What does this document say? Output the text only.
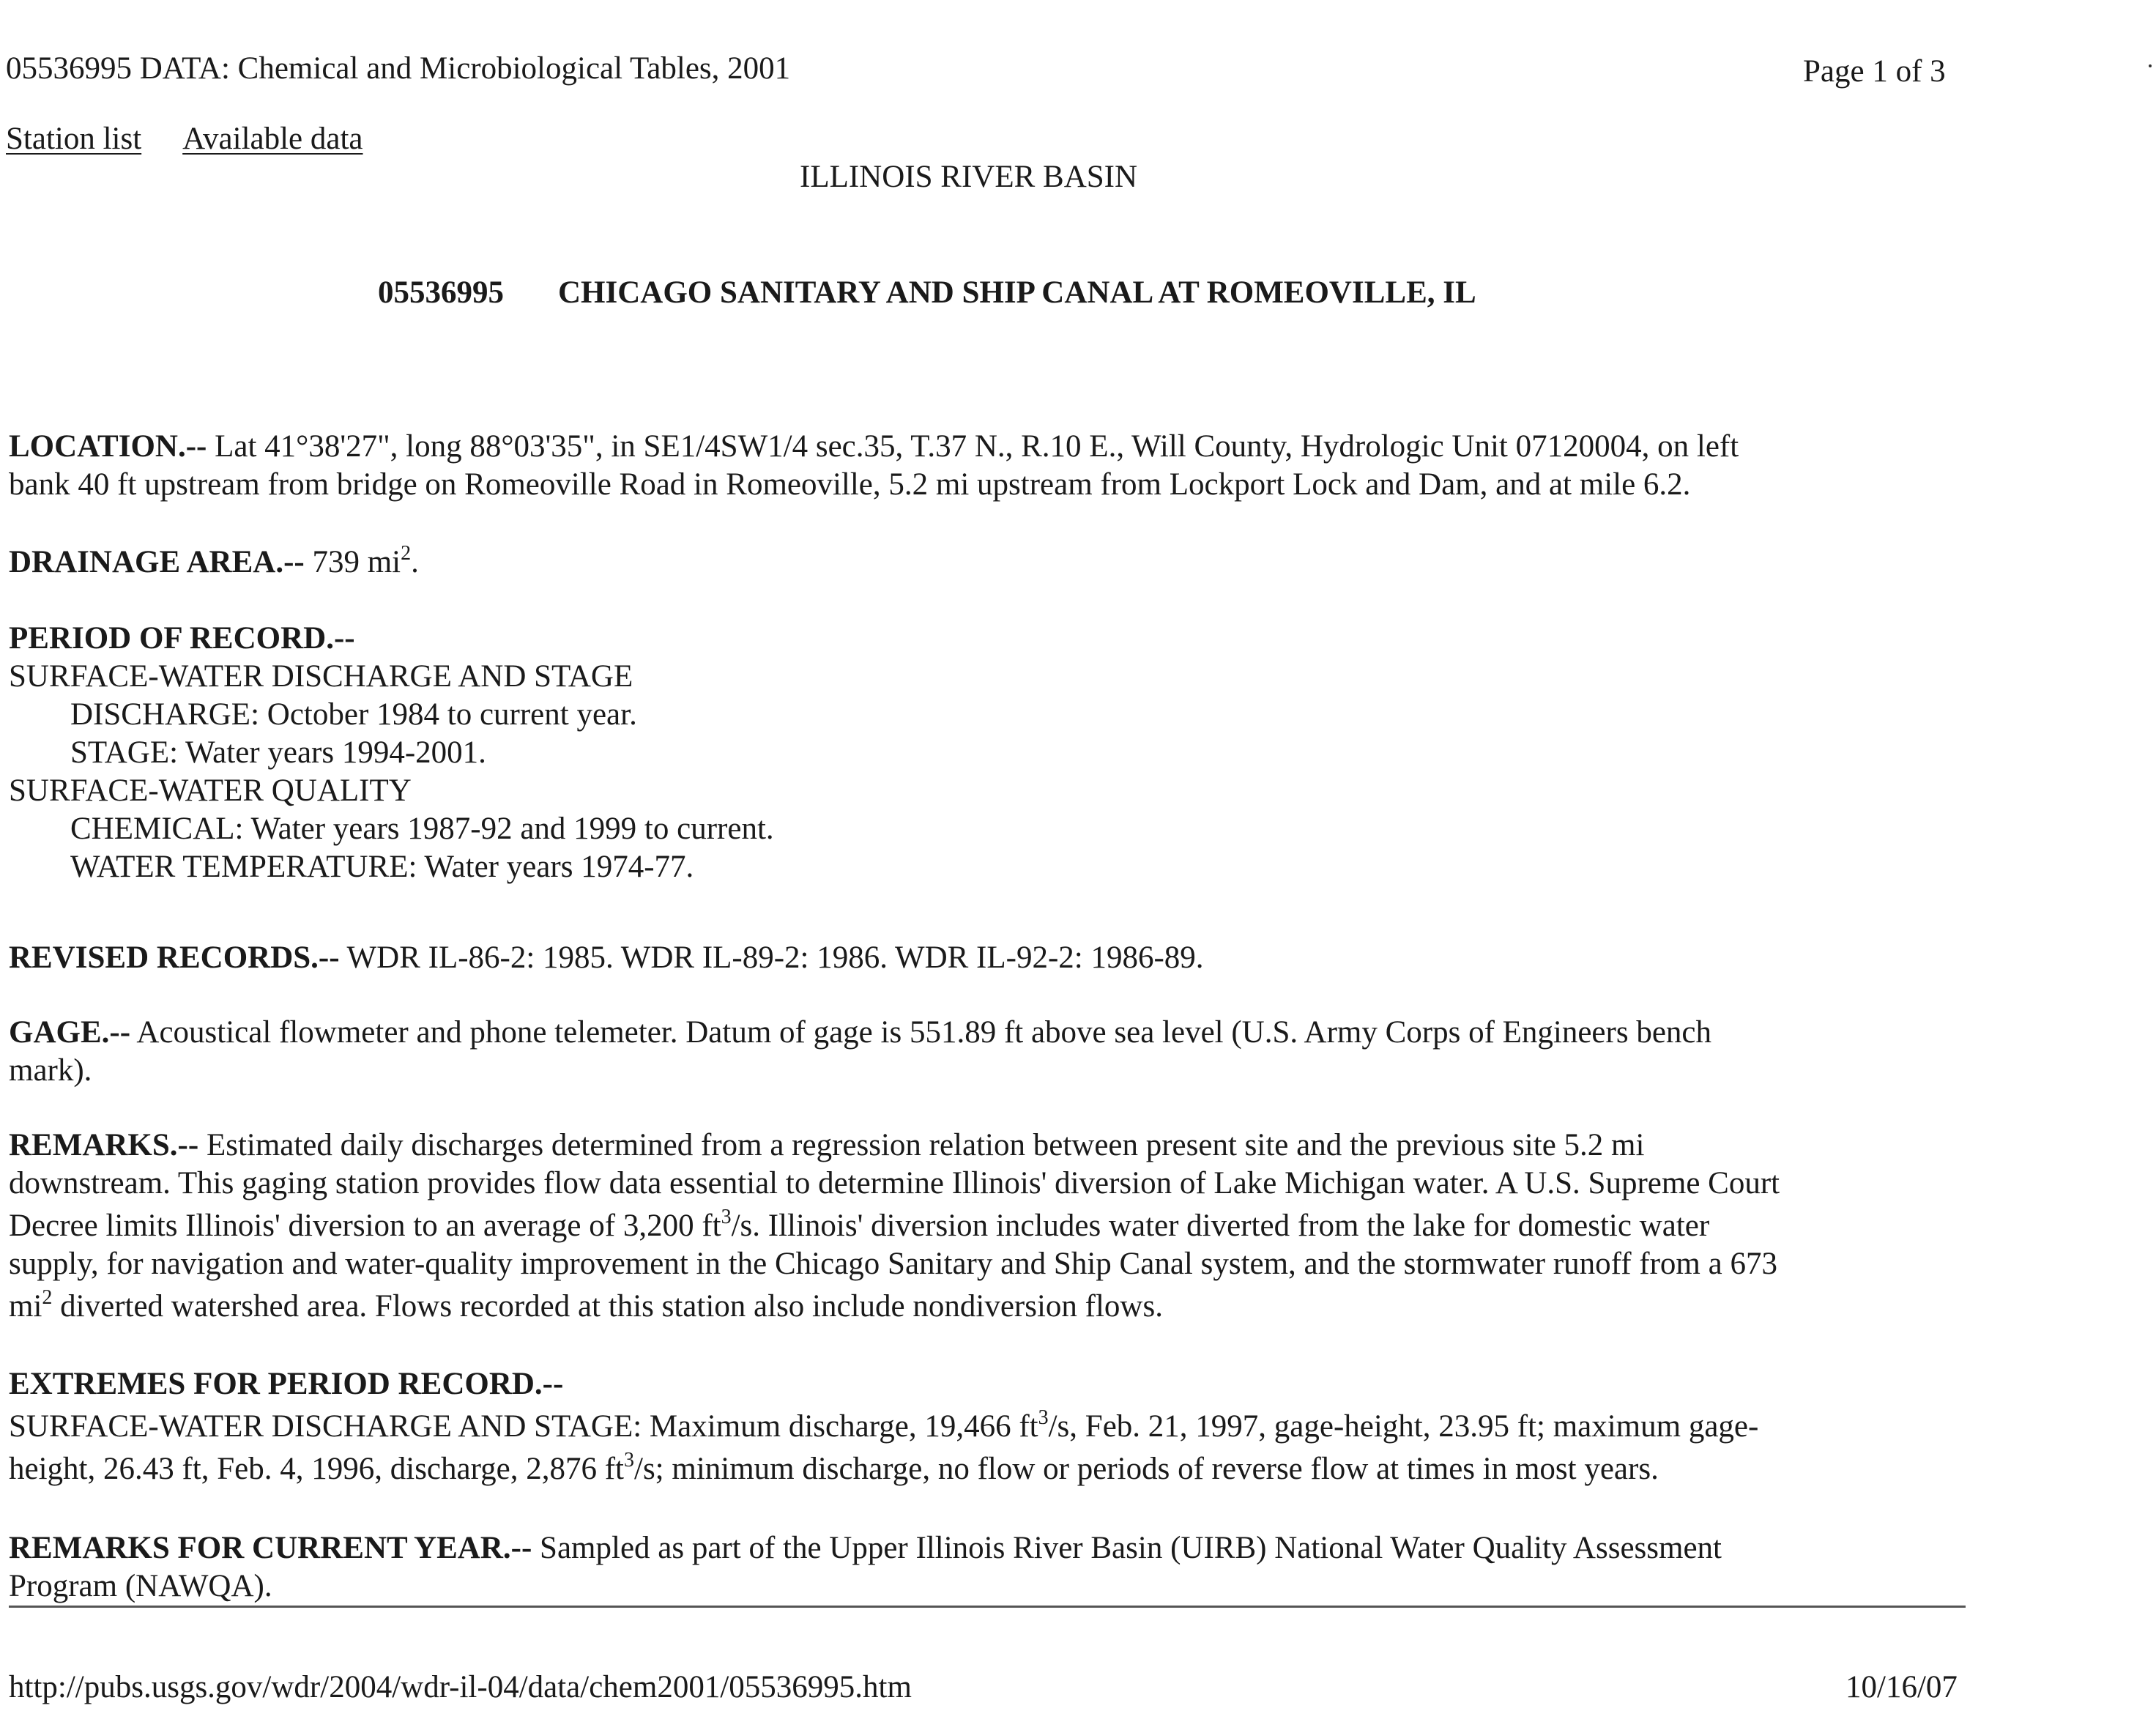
05536995 DATA: Chemical and Microbiological Tables, 2001	Page 1 of 3
Station list Available data
ILLINOIS RIVER BASIN
05536995 CHICAGO SANITARY AND SHIP CANAL AT ROMEOVILLE, IL
LOCATION.-- Lat 41°38'27", long 88°03'35", in SE1/4SW1/4 sec.35, T.37 N., R.10 E., Will County, Hydrologic Unit 07120004, on left
bank 40 ft upstream from bridge on Romeoville Road in Romeoville, 5.2 mi upstream from Lockport Lock and Dam, and at mile 6.2.
DRAINAGE AREA.-- 739 $mi^2$.
PERIOD OF RECORD.--
SURFACE-WATER DISCHARGE AND STAGE
DISCHARGE: October 1984 to current year.
STAGE: Water years 1994-2001.
SURFACE-WATER QUALITY
CHEMICAL: Water years 1987-92 and 1999 to current.
WATER TEMPERATURE: Water years 1974-77.
REVISED RECORDS.-- WDR IL-86-2: 1985. WDR IL-89-2: 1986. WDR IL-92-2: 1986-89.
GAGE.-- Acoustical flowmeter and phone telemeter. Datum of gage is 551.89 ft above sea level (U.S. Army Corps of Engineers bench
mark).
REMARKS.-- Estimated daily discharges determined from a regression relation between present site and the previous site 5.2 mi
downstream. This gaging station provides flow data essential to determine Illinois' diversion of Lake Michigan water. A U.S. Supreme Court
Decree limits Illinois' diversion to an average of 3,200 $ft^3/s$. Illinois' diversion includes water diverted from the lake for domestic water
supply, for navigation and water-quality improvement in the Chicago Sanitary and Ship Canal system, and the stormwater runoff from a 673
$mi^2$ diverted watershed area. Flows recorded at this station also include nondiversion flows.
EXTREMES FOR PERIOD RECORD.--
SURFACE-WATER DISCHARGE AND STAGE: Maximum discharge, 19,466 $ft^3/s$, Feb. 21, 1997, gage-height, 23.95 ft; maximum gage-
height, 26.43 ft, Feb. 4, 1996, discharge, 2,876 $ft^3/s$; minimum discharge, no flow or periods of reverse flow at times in most years.
REMARKS FOR CURRENT YEAR.-- Sampled as part of the Upper Illinois River Basin (UIRB) National Water Quality Assessment
Program (NAWQA).
http://pubs.usgs.gov/wdr/2004/wdr-il-04/data/chem2001/05536995.htm	10/16/07
